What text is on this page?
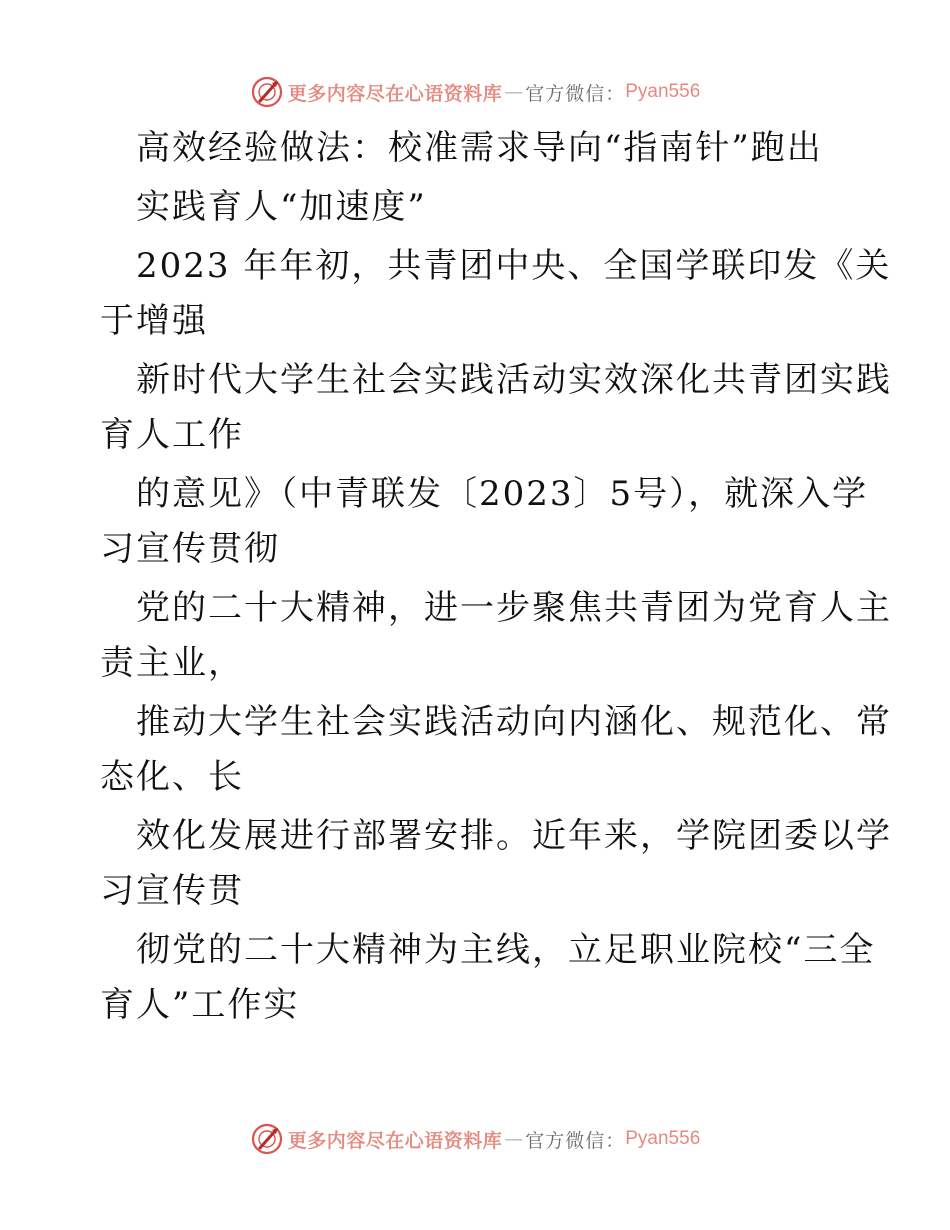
更多内容尽在心语资料库 — 官方微信： Pyan556
高效经验做法：校准需求导向“指南针”跑出
实践育人“加速度”
2023 年年初，共青团中央、全国学联印发《关
于增强
新时代大学生社会实践活动实效深化共青团实践
育人工作
的意见》（中青联发〔2023〕5号），就深入学
习宣传贯彻
党的二十大精神，进一步聚焦共青团为党育人主
责主业，
推动大学生社会实践活动向内涵化、规范化、常
态化、长
效化发展进行部署安排。近年来，学院团委以学
习宣传贯
彻党的二十大精神为主线，立足职业院校“三全
育人”工作实
更多内容尽在心语资料库 — 官方微信： Pyan556
